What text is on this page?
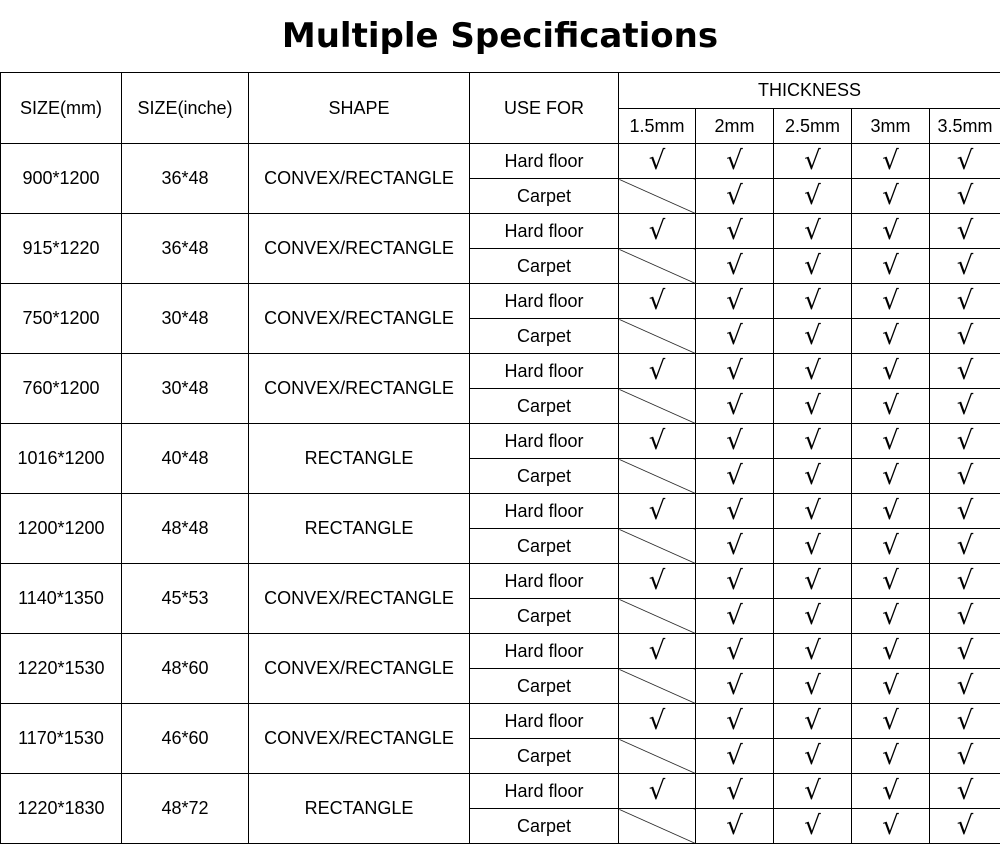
Multiple Specifications
SIZE(mm)	SIZE(inche)	SHAPE	USE FOR	THICKNESS				
				1.5mm	2mm	2.5mm	3mm	3.5mm
900*1200	36*48	CONVEX/RECTANGLE	Hard floor	√	√	√	√	√
			Carpet		√	√	√	√
915*1220	36*48	CONVEX/RECTANGLE	Hard floor	√	√	√	√	√
			Carpet		√	√	√	√
750*1200	30*48	CONVEX/RECTANGLE	Hard floor	√	√	√	√	√
			Carpet		√	√	√	√
760*1200	30*48	CONVEX/RECTANGLE	Hard floor	√	√	√	√	√
			Carpet		√	√	√	√
1016*1200	40*48	RECTANGLE	Hard floor	√	√	√	√	√
			Carpet		√	√	√	√
1200*1200	48*48	RECTANGLE	Hard floor	√	√	√	√	√
			Carpet		√	√	√	√
1140*1350	45*53	CONVEX/RECTANGLE	Hard floor	√	√	√	√	√
			Carpet		√	√	√	√
1220*1530	48*60	CONVEX/RECTANGLE	Hard floor	√	√	√	√	√
			Carpet		√	√	√	√
1170*1530	46*60	CONVEX/RECTANGLE	Hard floor	√	√	√	√	√
			Carpet		√	√	√	√
1220*1830	48*72	RECTANGLE	Hard floor	√	√	√	√	√
			Carpet		√	√	√	√
